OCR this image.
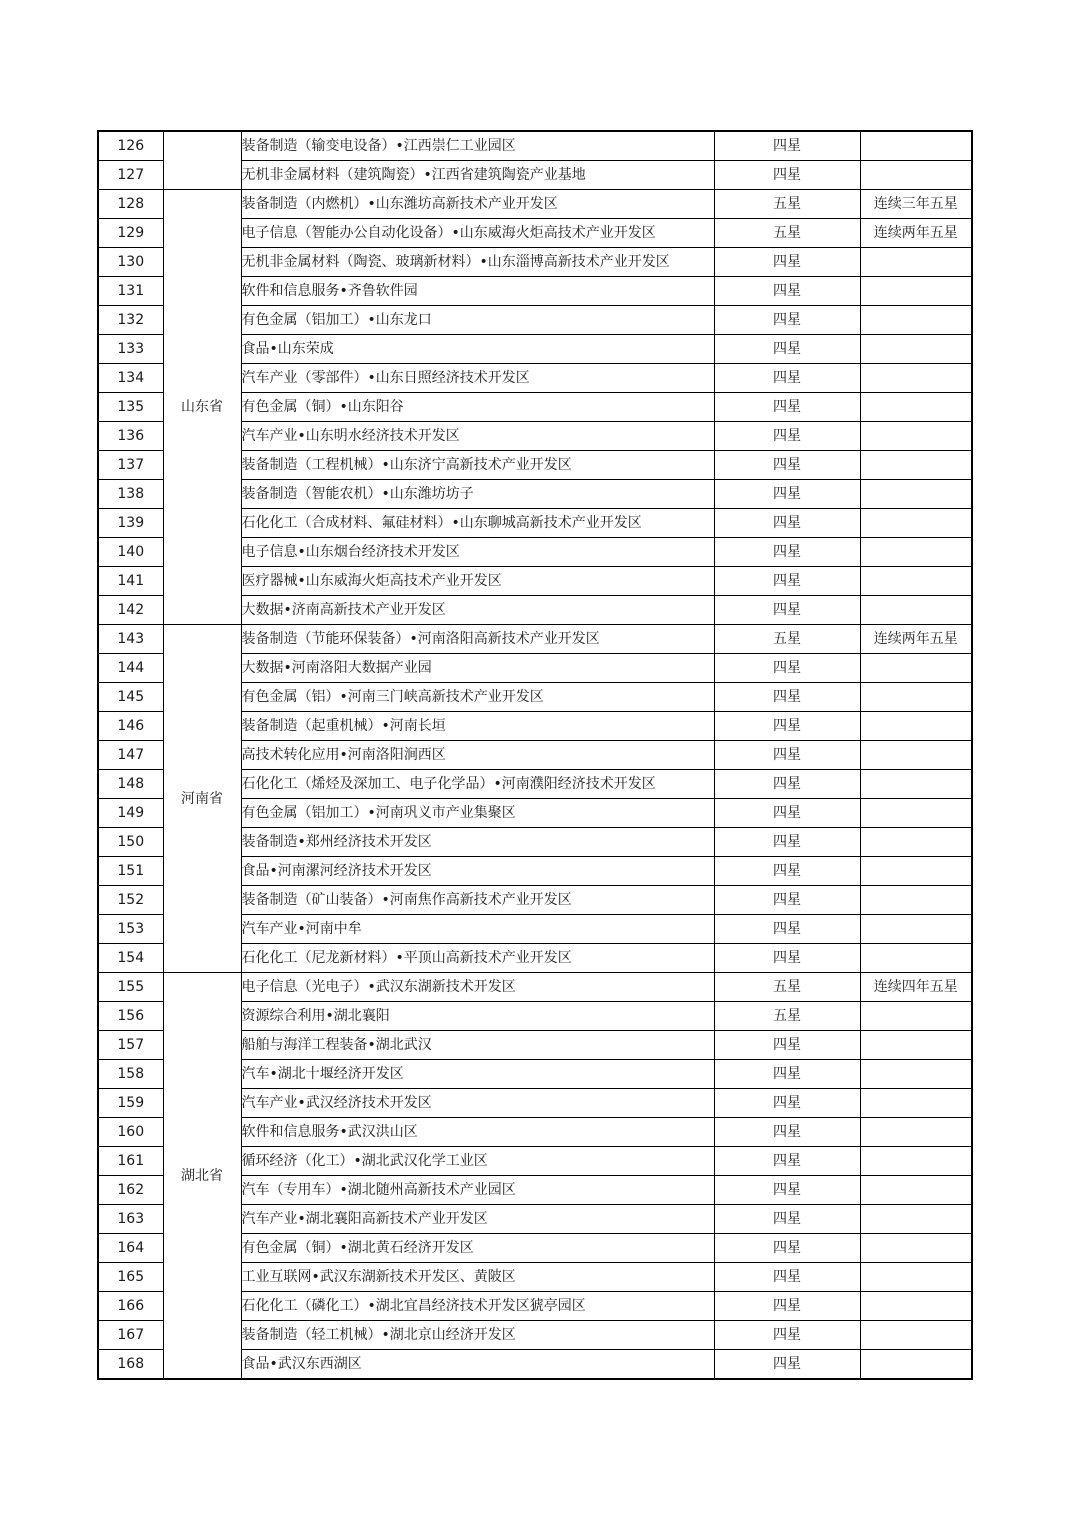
126		装备制造（输变电设备）•江西崇仁工业园区	四星	
127		无机非金属材料（建筑陶瓷）•江西省建筑陶瓷产业基地	四星	
128	山东省	装备制造（内燃机）•山东潍坊高新技术产业开发区	五星	连续三年五星
129		电子信息（智能办公自动化设备）•山东威海火炬高技术产业开发区	五星	连续两年五星
130		无机非金属材料（陶瓷、玻璃新材料）•山东淄博高新技术产业开发区	四星	
131		软件和信息服务•齐鲁软件园	四星	
132		有色金属（铝加工）•山东龙口	四星	
133		食品•山东荣成	四星	
134		汽车产业（零部件）•山东日照经济技术开发区	四星	
135		有色金属（铜）•山东阳谷	四星	
136		汽车产业•山东明水经济技术开发区	四星	
137		装备制造（工程机械）•山东济宁高新技术产业开发区	四星	
138		装备制造（智能农机）•山东潍坊坊子	四星	
139		石化化工（合成材料、氟硅材料）•山东聊城高新技术产业开发区	四星	
140		电子信息•山东烟台经济技术开发区	四星	
141		医疗器械•山东威海火炬高技术产业开发区	四星	
142		大数据•济南高新技术产业开发区	四星	
143	河南省	装备制造（节能环保装备）•河南洛阳高新技术产业开发区	五星	连续两年五星
144		大数据•河南洛阳大数据产业园	四星	
145		有色金属（铝）•河南三门峡高新技术产业开发区	四星	
146		装备制造（起重机械）•河南长垣	四星	
147		高技术转化应用•河南洛阳涧西区	四星	
148		石化化工（烯烃及深加工、电子化学品）•河南濮阳经济技术开发区	四星	
149		有色金属（铝加工）•河南巩义市产业集聚区	四星	
150		装备制造•郑州经济技术开发区	四星	
151		食品•河南漯河经济技术开发区	四星	
152		装备制造（矿山装备）•河南焦作高新技术产业开发区	四星	
153		汽车产业•河南中牟	四星	
154		石化化工（尼龙新材料）•平顶山高新技术产业开发区	四星	
155	湖北省	电子信息（光电子）•武汉东湖新技术开发区	五星	连续四年五星
156		资源综合利用•湖北襄阳	五星	
157		船舶与海洋工程装备•湖北武汉	四星	
158		汽车•湖北十堰经济开发区	四星	
159		汽车产业•武汉经济技术开发区	四星	
160		软件和信息服务•武汉洪山区	四星	
161		循环经济（化工）•湖北武汉化学工业区	四星	
162		汽车（专用车）•湖北随州高新技术产业园区	四星	
163		汽车产业•湖北襄阳高新技术产业开发区	四星	
164		有色金属（铜）•湖北黄石经济开发区	四星	
165		工业互联网•武汉东湖新技术开发区、黄陂区	四星	
166		石化化工（磷化工）•湖北宜昌经济技术开发区猇亭园区	四星	
167		装备制造（轻工机械）•湖北京山经济开发区	四星	
168		食品•武汉东西湖区	四星	
